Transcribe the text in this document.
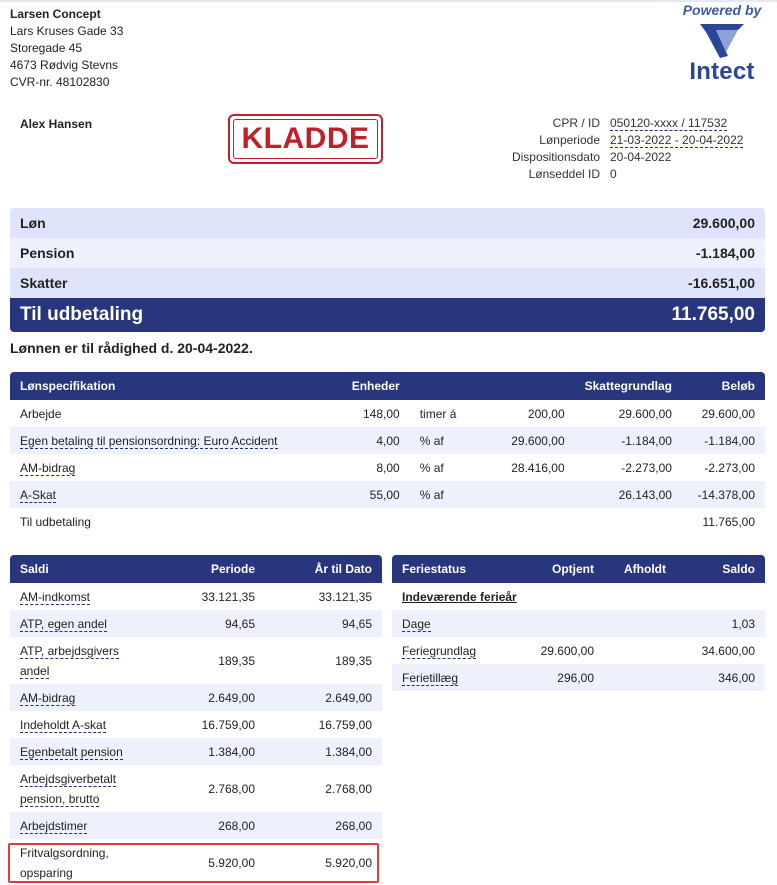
Larsen Concept
Lars Kruses Gade 33
Storegade 45
4673 Rødvig Stevns
CVR-nr. 48102830
Powered by
Intect
Alex Hansen	KLADDE	CPR / ID 050120-xxxx / 117532
Lønperiode 21-03-2022 - 20-04-2022
Dispositionsdato 20-04-2022
Lønseddel ID 0
Løn	29.600,00
Pension	-1.184,00
Skatter	-16.651,00
Til udbetaling	11.765,00
Lønnen er til rådighed d. 20-04-2022.
Lønspecifikation	Enheder			Skattegrundlag	Beløb
Arbejde	148,00	timer á	200,00	29.600,00	29.600,00
Egen betaling til pensionsordning: Euro Accident	4,00	% af	29.600,00	-1.184,00	-1.184,00
AM-bidrag	8,00	% af	28.416,00	-2.273,00	-2.273,00
A-Skat	55,00	% af		26.143,00	-14.378,00
Til udbetaling					11.765,00
Saldi	Periode	År til Dato
AM-indkomst	33.121,35	33.121,35
ATP, egen andel	94,65	94,65
ATP, arbejdsgivers
andel	189,35	189,35
AM-bidrag	2.649,00	2.649,00
Indeholdt A-skat	16.759,00	16.759,00
Egenbetalt pension	1.384,00	1.384,00
Arbejdsgiverbetalt
pension, brutto	2.768,00	2.768,00
Arbejdstimer	268,00	268,00
Fritvalgsordning,
opsparing	5.920,00	5.920,00
Feriestatus	Optjent	Afholdt	Saldo
Indeværende ferieår			
Dage			1,03
Feriegrundlag	29.600,00		34.600,00
Ferietillæg	296,00		346,00
